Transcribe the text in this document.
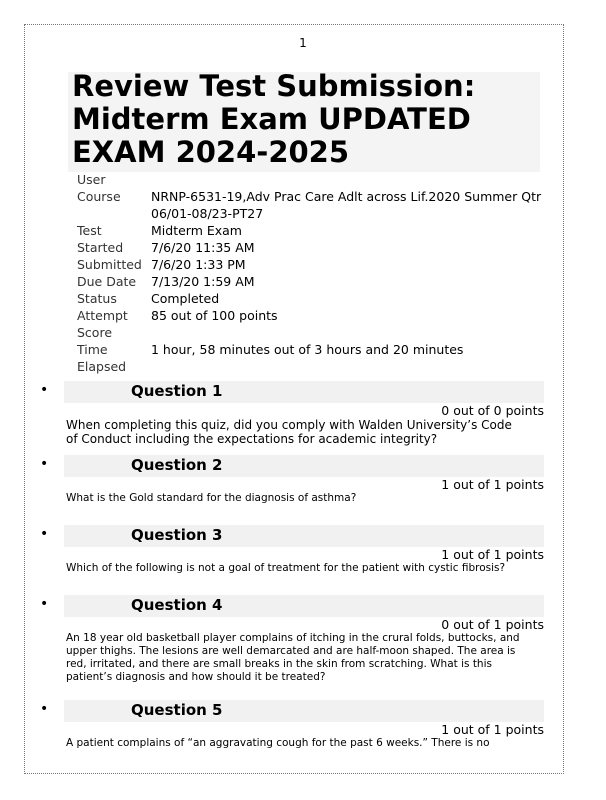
1
Review Test Submission: Midterm Exam UPDATED EXAM 2024-2025
User
Course	NRNP-6531-19,Adv Prac Care Adlt across Lif.2020 Summer Qtr 06/01-08/23-PT27
Test	Midterm Exam
Started	7/6/20 11:35 AM
Submitted 7/6/20 1:33 PM
Due Date	7/13/20 1:59 AM
Status	Completed
Attempt Score
85 out of 100 points
Time Elapsed
1 hour, 58 minutes out of 3 hours and 20 minutes
•	Question 1
0 out of 0 points
When completing this quiz, did you comply with Walden University’s Code of Conduct including the expectations for academic integrity?
•	Question 2
1 out of 1 points
What is the Gold standard for the diagnosis of asthma?
•	Question 3
1 out of 1 points
Which of the following is not a goal of treatment for the patient with cystic fibrosis?
•	Question 4
0 out of 1 points
An 18 year old basketball player complains of itching in the crural folds, buttocks, and upper thighs. The lesions are well demarcated and are half-moon shaped. The area is red, irritated, and there are small breaks in the skin from scratching. What is this patient’s diagnosis and how should it be treated?
•	Question 5
1 out of 1 points
A patient complains of “an aggravating cough for the past 6 weeks.” There is no
